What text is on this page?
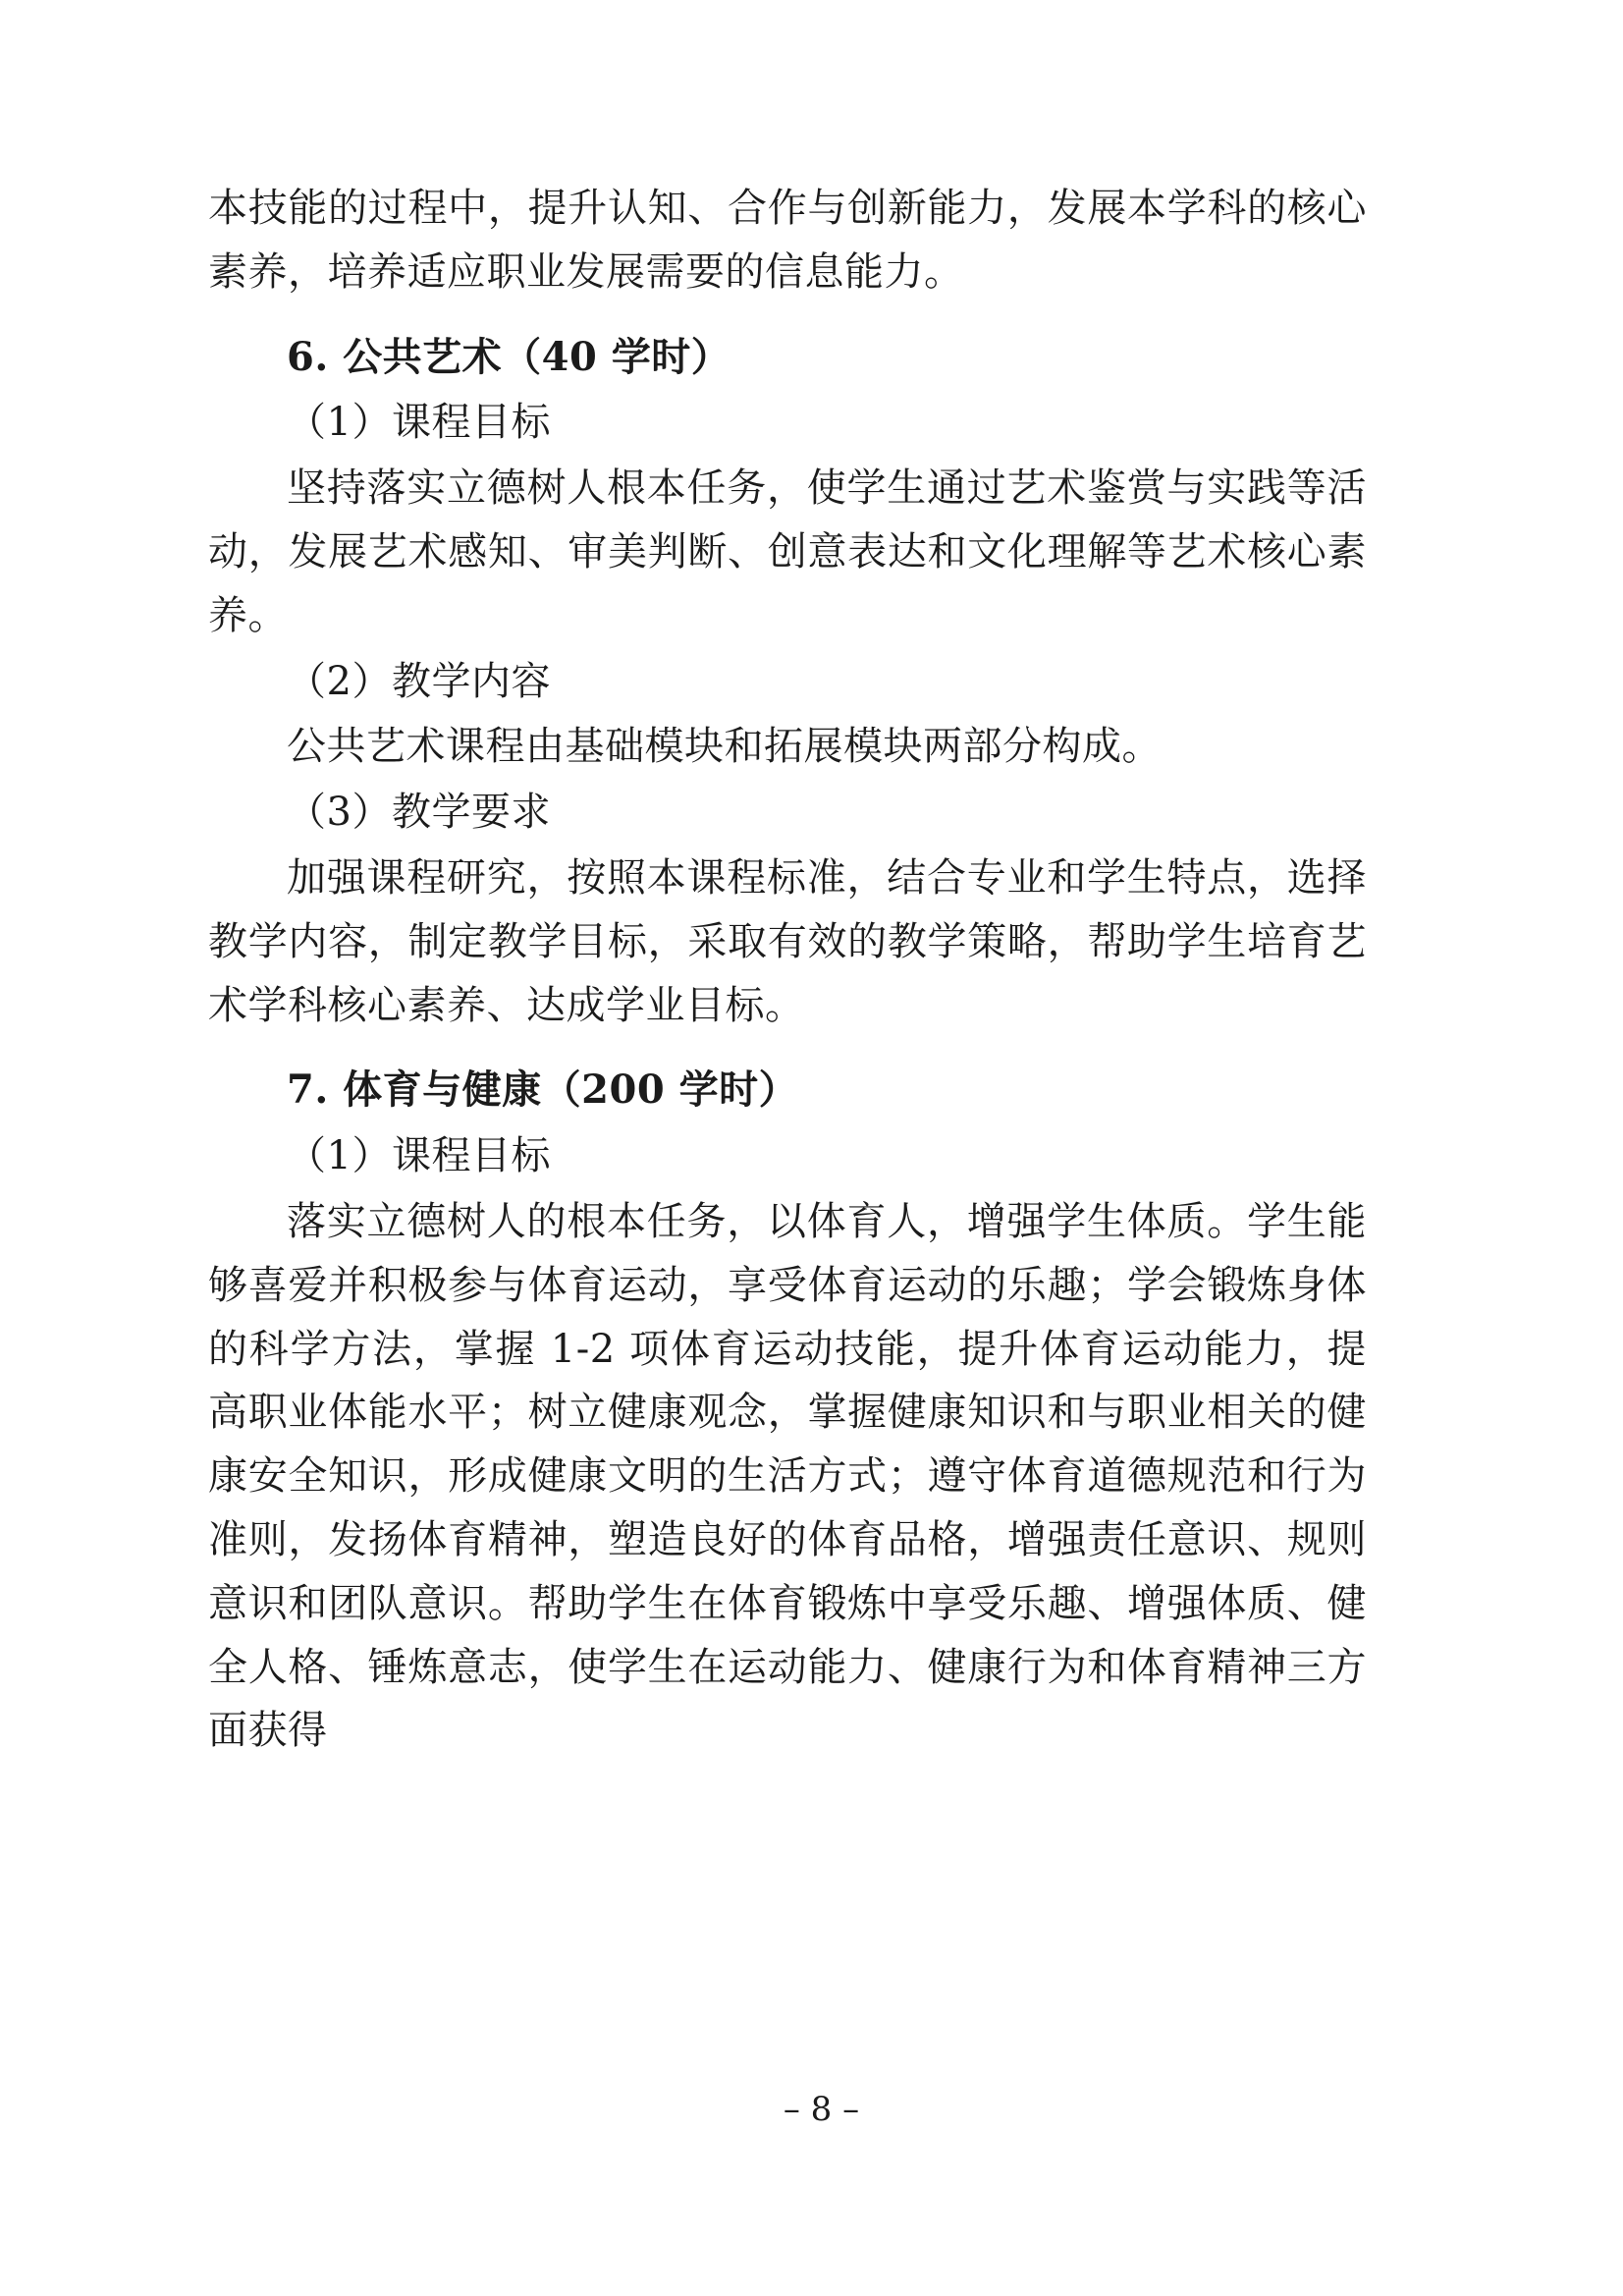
本技能的过程中，提升认知、合作与创新能力，发展本学科的核心素养，培养适应职业发展需要的信息能力。

6. 公共艺术（40 学时）

（1）课程目标

坚持落实立德树人根本任务，使学生通过艺术鉴赏与实践等活动，发展艺术感知、审美判断、创意表达和文化理解等艺术核心素养。

（2）教学内容

公共艺术课程由基础模块和拓展模块两部分构成。

（3）教学要求

加强课程研究，按照本课程标准，结合专业和学生特点，选择教学内容，制定教学目标，采取有效的教学策略，帮助学生培育艺术学科核心素养、达成学业目标。

7. 体育与健康（200 学时）

（1）课程目标

落实立德树人的根本任务，以体育人，增强学生体质。学生能够喜爱并积极参与体育运动，享受体育运动的乐趣；学会锻炼身体的科学方法，掌握 1-2 项体育运动技能，提升体育运动能力，提高职业体能水平；树立健康观念，掌握健康知识和与职业相关的健康安全知识，形成健康文明的生活方式；遵守体育道德规范和行为准则，发扬体育精神，塑造良好的体育品格，增强责任意识、规则意识和团队意识。帮助学生在体育锻炼中享受乐趣、增强体质、健全人格、锤炼意志，使学生在运动能力、健康行为和体育精神三方面获得

– 8 –
